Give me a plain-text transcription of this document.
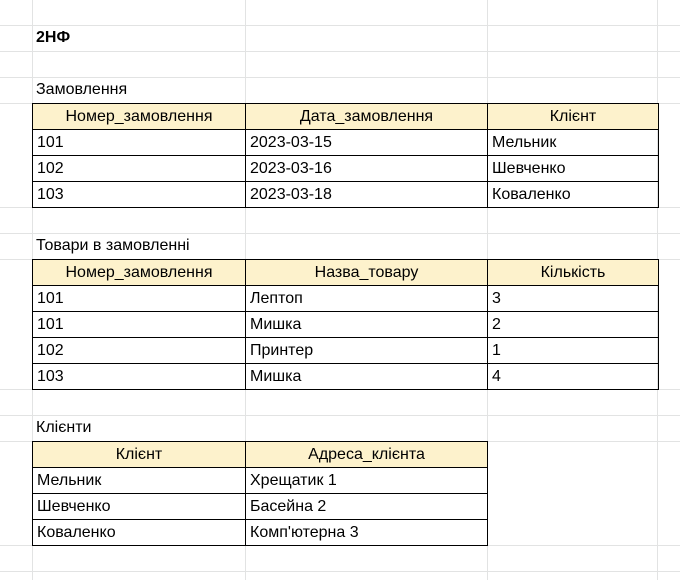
2НФ
Замовлення
Номер_замовлення	Дата_замовлення	Клієнт
101	2023-03-15	Мельник
102	2023-03-16	Шевченко
103	2023-03-18	Коваленко
Товари в замовленні
Номер_замовлення	Назва_товару	Кількість
101	Лептоп	3
101	Мишка	2
102	Принтер	1
103	Мишка	4
Клієнти
Клієнт	Адреса_клієнта
Мельник	Хрещатик 1
Шевченко	Басейна 2
Коваленко	Комп'ютерна 3
